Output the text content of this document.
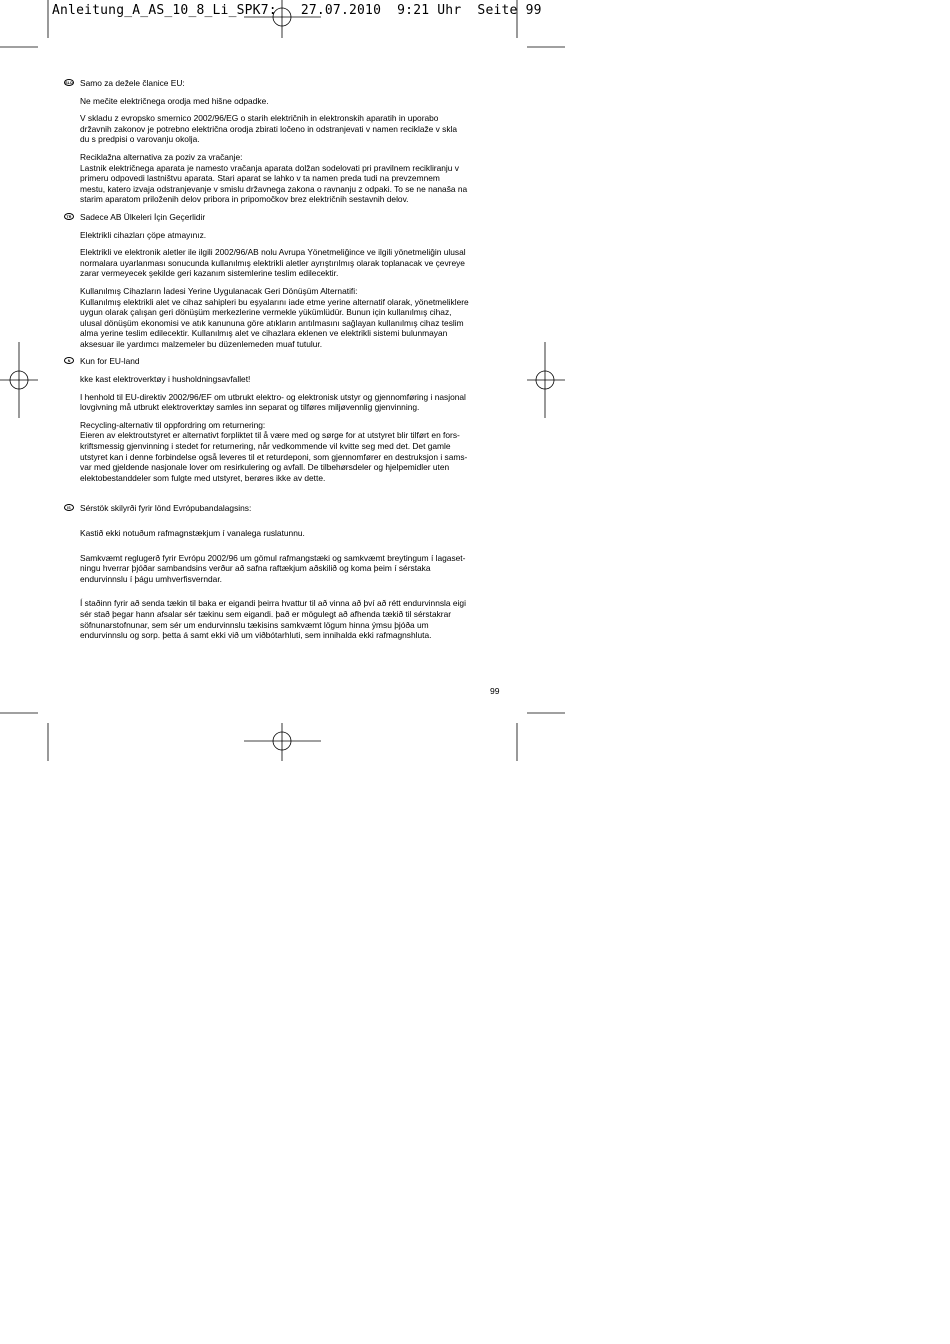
Anleitung_A_AS_10_8_Li_SPK7:   27.07.2010  9:21 Uhr  Seite 99
SLO Samo za dežele članice EU:

Ne mečite električnega orodja med hišne odpadke.

V skladu z evropsko smernico 2002/96/EG o starih električnih in elektronskih aparatih in uporabo
državnih zakonov je potrebno električna orodja zbirati ločeno in odstranjevati v namen reciklaže v skla
du s predpisi o varovanju okolja.

Reciklažna alternativa za poziv za vračanje:
Lastnik električnega aparata je namesto vračanja aparata dolžan sodelovati pri pravilnem recikliranju v
primeru odpovedi lastništvu aparata. Stari aparat se lahko v ta namen preda tudi na prevzemnem
mestu, katero izvaja odstranjevanje v smislu državnega zakona o ravnanju z odpaki. To se ne nanaša na
starim aparatom priloženih delov pribora in pripomočkov brez električnih sestavnih delov.

TR	Sadece AB Ülkeleri İçin Geçerlidir

Elektrikli cihazları çöpe atmayınız.

Elektrikli ve elektronik aletler ile ilgili 2002/96/AB nolu Avrupa Yönetmeliğince ve ilgili yönetmeliğin ulusal
normalara uyarlanması sonucunda kullanılmış elektrikli aletler ayrıştırılmış olarak toplanacak ve çevreye
zarar vermeyecek şekilde geri kazanım sistemlerine teslim edilecektir.

Kullanılmış Cihazların İadesi Yerine Uygulanacak Geri Dönüşüm Alternatifi:
Kullanılmış elektrikli alet ve cihaz sahipleri bu eşyalarını iade etme yerine alternatif olarak, yönetmeliklere
uygun olarak çalışan geri dönüşüm merkezlerine vermekle yükümlüdür. Bunun için kullanılmış cihaz,
ulusal dönüşüm ekonomisi ve atık kanununa göre atıkların arıtılmasını sağlayan kullanılmış cihaz teslim
alma yerine teslim edilecektir. Kullanılmış alet ve cihazlara eklenen ve elektrikli sistemi bulunmayan
aksesuar ile yardımcı malzemeler bu düzenlemeden muaf tutulur.

N	Kun for EU-land

kke kast elektroverktøy i husholdningsavfallet!

I henhold til EU-direktiv 2002/96/EF om utbrukt elektro- og elektronisk utstyr og gjennomføring i nasjonal
lovgivning må utbrukt elektroverktøy samles inn separat og tilføres miljøvennlig gjenvinning.

Recycling-alternativ til oppfordring om returnering:
Eieren av elektroutstyret er alternativt forpliktet til å være med og sørge for at utstyret blir tilført en fors-
kriftsmessig gjenvinning i stedet for returnering, når vedkommende vil kvitte seg med det. Det gamle
utstyret kan i denne forbindelse også leveres til et returdeponi, som gjennomfører en destruksjon i sams-
var med gjeldende nasjonale lover om resirkulering og avfall. De tilbehørsdeler og hjelpemidler uten
elektobestanddeler som fulgte med utstyret, berøres ikke av dette.

IS	Sérstök skilyrði fyrir lönd Evrópubandalagsins:

Kastið ekki notuðum rafmagnstækjum í vanalega ruslatunnu.

Samkvæmt reglugerð fyrir Evrópu 2002/96 um gömul rafmangstæki og samkvæmt breytingum í lagaset-
ningu hverrar þjóðar sambandsins verður að safna raftækjum aðskilið og koma þeim í sérstaka
endurvinnslu í þágu umhverfisverndar.

Í staðinn fyrir að senda tækin til baka er eigandi þeirra hvattur til að vinna að því að rétt endurvinnsla eigi
sér stað þegar hann afsalar sér tækinu sem eigandi. það er mögulegt að afhenda tækið til sérstakrar
söfnunarstofnunar, sem sér um endurvinnslu tækisins samkvæmt lögum hinna ýmsu þjóða um
endurvinnslu og sorp. þetta á samt ekki við um viðbótarhluti, sem innihalda ekki rafmagnshluta.

99
